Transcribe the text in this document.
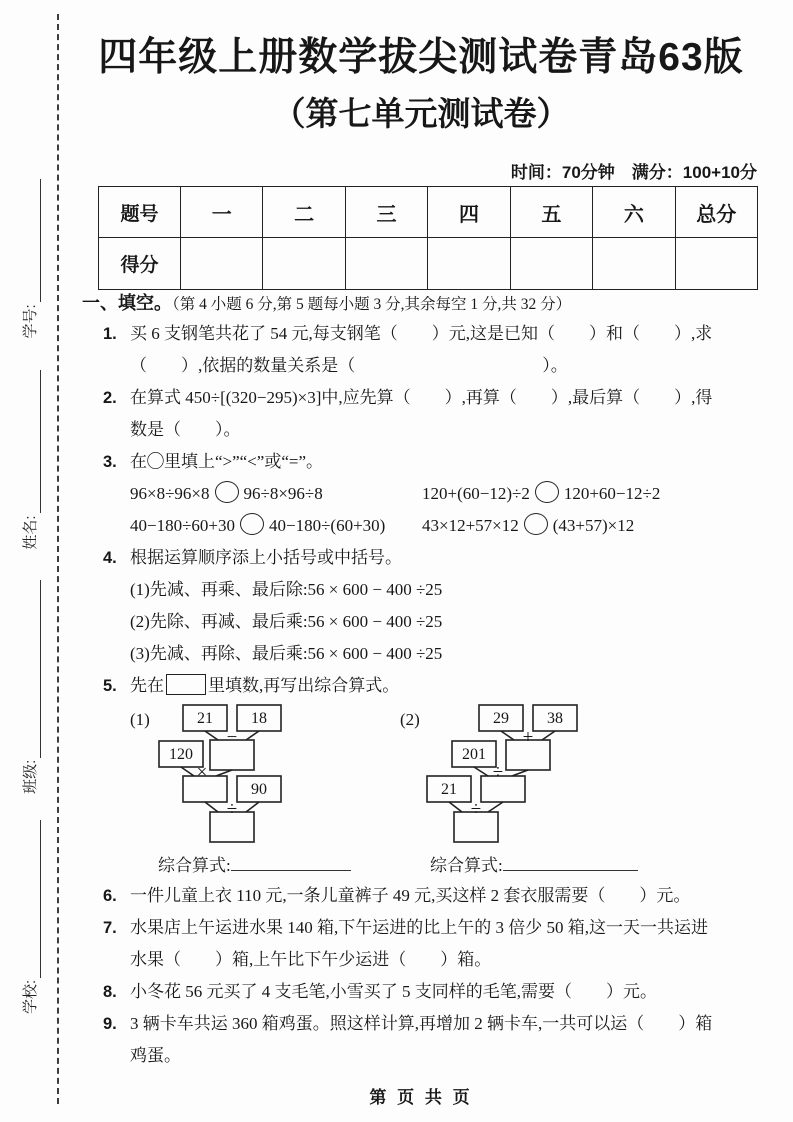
学校:
班级:
姓名:
学号:
四年级上册数学拔尖测试卷青岛63版
（第七单元测试卷）
时间：70分钟　满分：100+10分
题号	一	二	三	四	五	六	总分
得分							
一、填空。（第 4 小题 6 分,第 5 题每小题 3 分,其余每空 1 分,共 32 分）
1. 买 6 支钢笔共花了 54 元,每支钢笔（　　）元,这是已知（　　）和（　　）,求
（　　）,依据的数量关系是（　　　　　　　　　　　）。
2. 在算式 450÷[(320−295)×3]中,应先算（　　）,再算（　　）,最后算（　　）,得
数是（　　）。
3. 在◯里填上“>”“<”或“=”。
96×8÷96×8 96÷8×96÷8	120+(60−12)÷2 120+60−12÷2
40−180÷60+30 40−180÷(60+30)	43×12+57×12 (43+57)×12
4. 根据运算顺序添上小括号或中括号。
(1)先减、再乘、最后除:56 × 600 − 400 ÷25
(2)先除、再减、最后乘:56 × 600 − 400 ÷25
(3)先减、再除、最后乘:56 × 600 − 400 ÷25
5. 先在	里填数,再写出综合算式。
(1)	21 18
−
120
×
90
÷
(2)	29 38
+
201
÷
21
÷
综合算式:	综合算式:
6. 一件儿童上衣 110 元,一条儿童裤子 49 元,买这样 2 套衣服需要（　　）元。
7. 水果店上午运进水果 140 箱,下午运进的比上午的 3 倍少 50 箱,这一天一共运进
水果（　　）箱,上午比下午少运进（　　）箱。
8. 小冬花 56 元买了 4 支毛笔,小雪买了 5 支同样的毛笔,需要（　　）元。
9. 3 辆卡车共运 360 箱鸡蛋。照这样计算,再增加 2 辆卡车,一共可以运（　　）箱
鸡蛋。
第 页 共 页
